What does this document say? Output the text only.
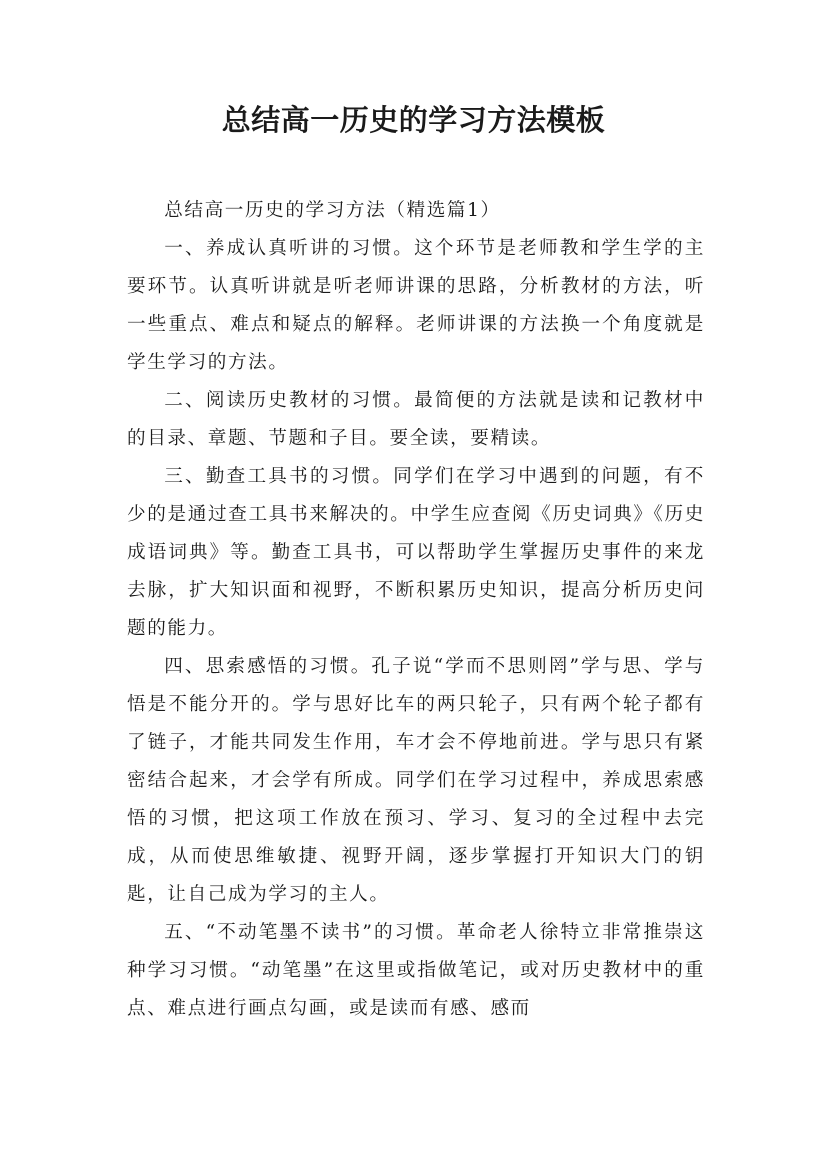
总结高一历史的学习方法模板

总结高一历史的学习方法（精选篇1）

一、养成认真听讲的习惯。这个环节是老师教和学生学的主要环节。认真听讲就是听老师讲课的思路，分析教材的方法，听一些重点、难点和疑点的解释。老师讲课的方法换一个角度就是学生学习的方法。

二、阅读历史教材的习惯。最简便的方法就是读和记教材中的目录、章题、节题和子目。要全读，要精读。

三、勤查工具书的习惯。同学们在学习中遇到的问题，有不少的是通过查工具书来解决的。中学生应查阅《历史词典》《历史成语词典》等。勤查工具书，可以帮助学生掌握历史事件的来龙去脉，扩大知识面和视野，不断积累历史知识，提高分析历史问题的能力。

四、思索感悟的习惯。孔子说“学而不思则罔”学与思、学与悟是不能分开的。学与思好比车的两只轮子，只有两个轮子都有了链子，才能共同发生作用，车才会不停地前进。学与思只有紧密结合起来，才会学有所成。同学们在学习过程中，养成思索感悟的习惯，把这项工作放在预习、学习、复习的全过程中去完成，从而使思维敏捷、视野开阔，逐步掌握打开知识大门的钥匙，让自己成为学习的主人。

五、“不动笔墨不读书”的习惯。革命老人徐特立非常推崇这种学习习惯。“动笔墨”在这里或指做笔记，或对历史教材中的重点、难点进行画点勾画，或是读而有感、感而
